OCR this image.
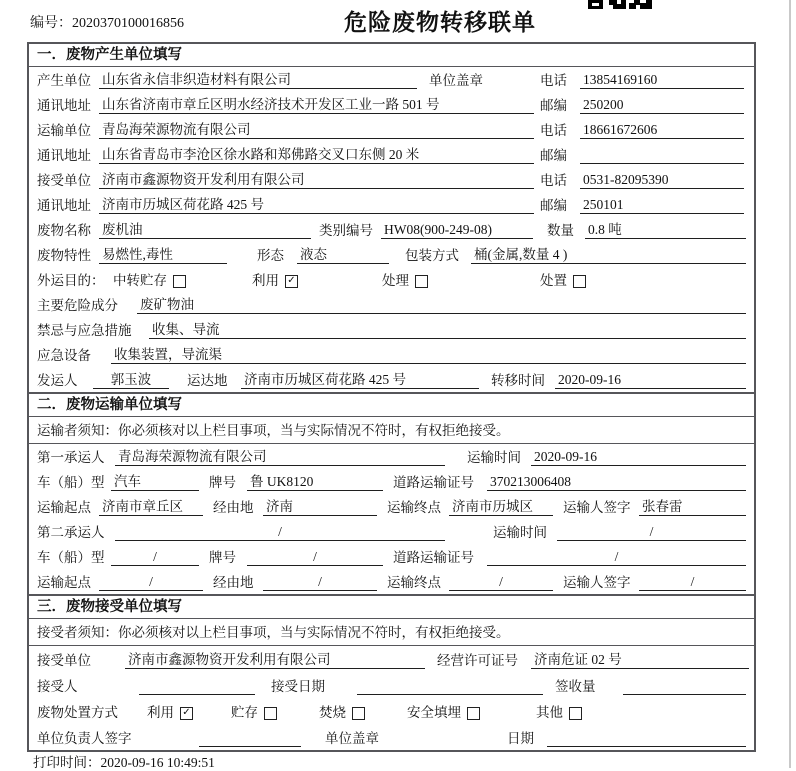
编号：2020370100016856	危险废物转移联单
一．废物产生单位填写
产生单位 山东省永信非织造材料有限公司	单位盖章	电话	13854169160
通讯地址 山东省济南市章丘区明水经济技术开发区工业一路 501 号	邮编	250200
运输单位 青岛海荣源物流有限公司	电话	18661672606
通讯地址 山东省青岛市李沧区徐水路和郑佛路交叉口东侧 20 米	邮编
接受单位 济南市鑫源物资开发利用有限公司	电话	0531-82095390
通讯地址 济南市历城区荷花路 425 号	邮编	250101
废物名称 废机油	类别编号 HW08(900-249-08)	数量	0.8 吨
废物特性 易燃性,毒性	形态	液态	包装方式 桶(金属,数量 4 )
外运目的： 中转贮存	利用 ✓	处理	处置
主要危险成分	废矿物油
禁忌与应急措施	收集、导流
应急设备	收集装置，导流渠
发运人	郭玉波	运达地	济南市历城区荷花路 425 号	转移时间 2020-09-16
二．废物运输单位填写
运输者须知：你必须核对以上栏目事项，当与实际情况不符时，有权拒绝接受。
第一承运人	青岛海荣源物流有限公司	运输时间 2020-09-16
车（船）型 汽车	牌号	鲁 UK8120	道路运输证号	370213006408
运输起点 济南市章丘区	经由地 济南	运输终点 济南市历城区	运输人签字 张春雷
第二承运人	/	运输时间	/
车（船）型	/	牌号	/	道路运输证号	/
运输起点	/	经由地	/	运输终点	/	运输人签字	/
三．废物接受单位填写
接受者须知：你必须核对以上栏目事项，当与实际情况不符时，有权拒绝接受。
接受单位	济南市鑫源物资开发利用有限公司	经营许可证号	济南危证 02 号
接受人	接受日期	签收量
废物处置方式	利用 ✓	贮存	焚烧	安全填埋	其他
单位负责人签字	单位盖章	日期
打印时间：2020-09-16 10:49:51
